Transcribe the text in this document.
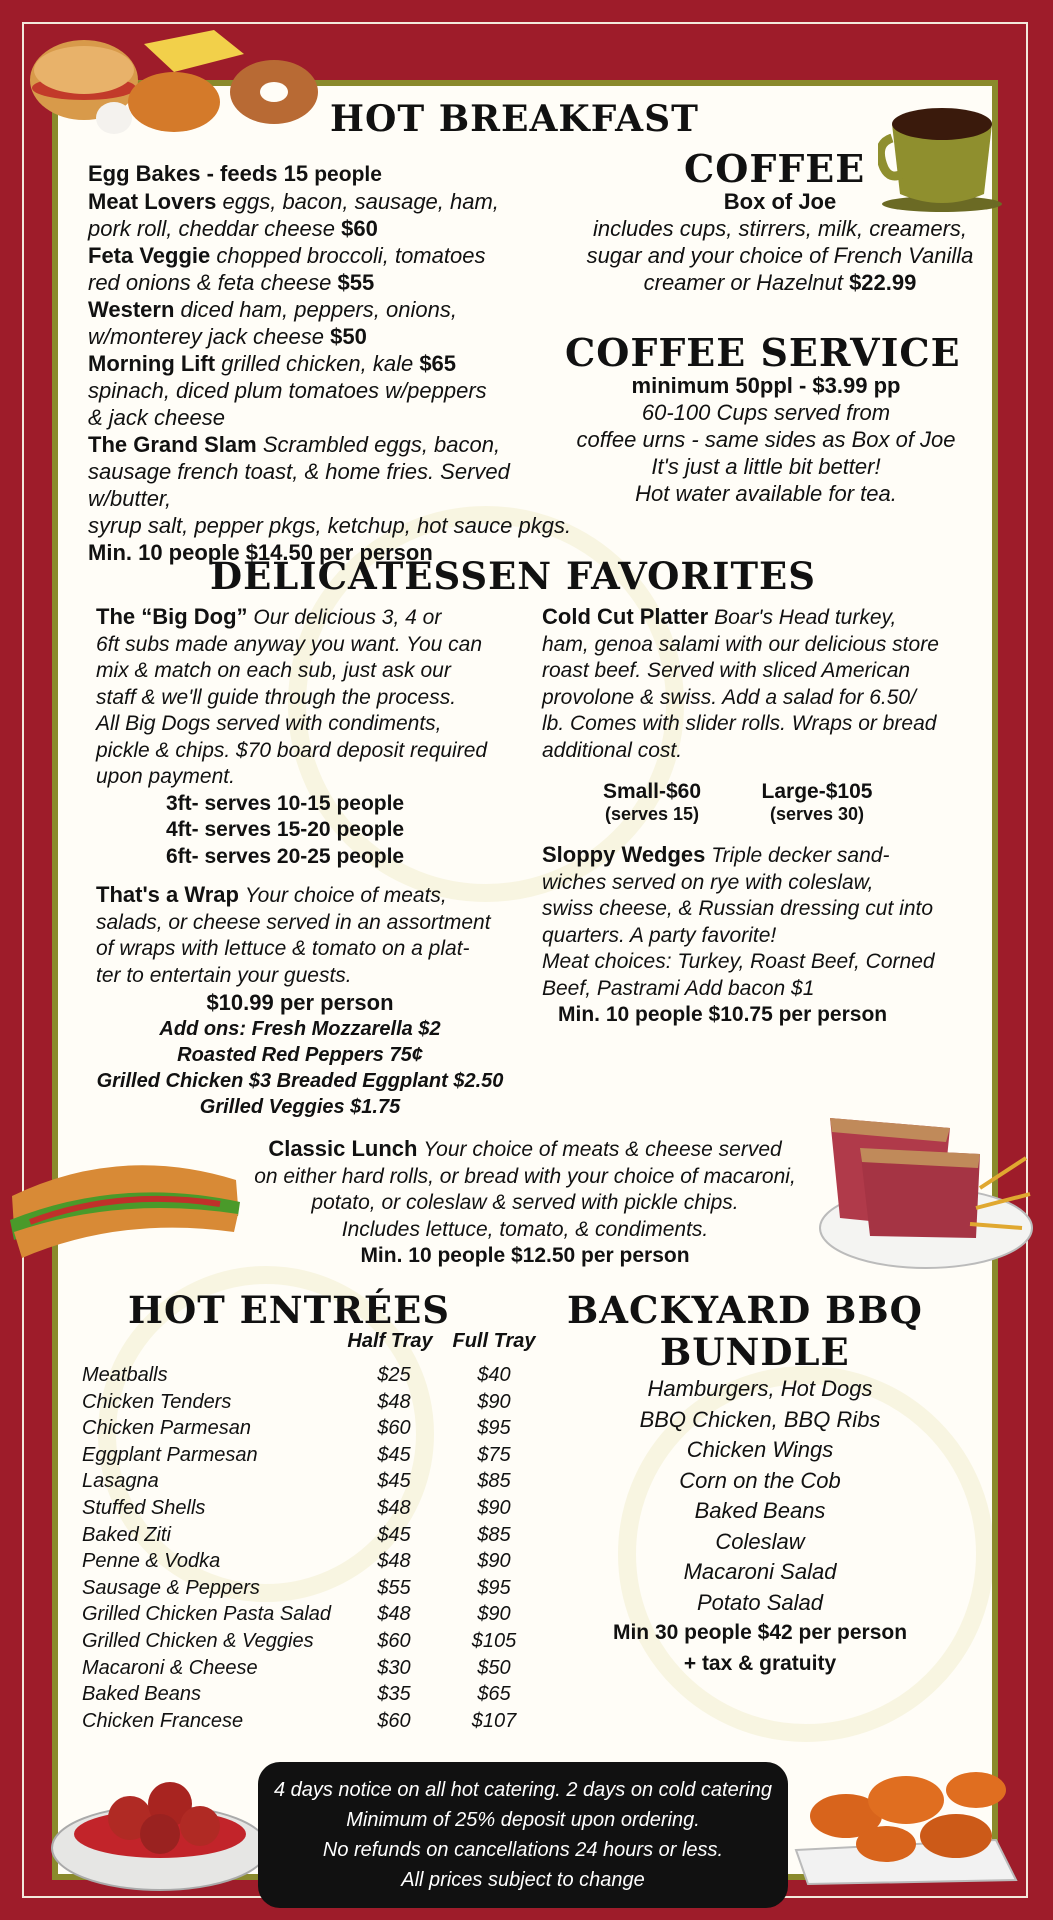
HOT BREAKFAST

Egg Bakes - feeds 15 people

Meat Lovers eggs, bacon, sausage, ham,

pork roll, cheddar cheese $60

Feta Veggie chopped broccoli, tomatoes

red onions & feta cheese $55

Western diced ham, peppers, onions,

w/monterey jack cheese $50

Morning Lift grilled chicken, kale $65

spinach, diced plum tomatoes w/peppers

& jack cheese

The Grand Slam Scrambled eggs, bacon,

sausage french toast, & home fries. Served w/butter,

syrup salt, pepper pkgs, ketchup, hot sauce pkgs.

Min. 10 people $14.50 per person

COFFEE

Box of Joe

includes cups, stirrers, milk, creamers,

sugar and your choice of French Vanilla

creamer or Hazelnut $22.99

COFFEE SERVICE

minimum 50ppl - $3.99 pp

60-100 Cups served from

coffee urns - same sides as Box of Joe

It's just a little bit better!

Hot water available for tea.

DELICATESSEN FAVORITES

The “Big Dog” Our delicious 3, 4 or

6ft subs made anyway you want. You can

mix & match on each sub, just ask our

staff & we'll guide through the process.

All Big Dogs served with condiments,

pickle & chips. $70 board deposit required

upon payment.

3ft- serves 10-15 people

4ft- serves 15-20 people

6ft- serves 20-25 people

That's a Wrap Your choice of meats,

salads, or cheese served in an assortment

of wraps with lettuce & tomato on a plat-

ter to entertain your guests.

$10.99 per person

Add ons: Fresh Mozzarella $2

Roasted Red Peppers 75¢

Grilled Chicken $3 Breaded Eggplant $2.50

Grilled Veggies $1.75

Cold Cut Platter Boar's Head turkey,

ham, genoa salami with our delicious store

roast beef. Served with sliced American

provolone & swiss. Add a salad for 6.50/

lb. Comes with slider rolls. Wraps or bread

additional cost.

Small-$60

(serves 15)

Large-$105

(serves 30)

Sloppy Wedges Triple decker sand-

wiches served on rye with coleslaw,

swiss cheese, & Russian dressing cut into

quarters. A party favorite!

Meat choices: Turkey, Roast Beef, Corned

Beef, Pastrami Add bacon $1

Min. 10 people $10.75 per person

Classic Lunch Your choice of meats & cheese served

on either hard rolls, or bread with your choice of macaroni,

potato, or coleslaw & served with pickle chips.

Includes lettuce, tomato, & condiments.

Min. 10 people $12.50 per person

HOT ENTRÉES
Half Tray Full Tray
Meatballs	$25	$40
Chicken Tenders	$48	$90
Chicken Parmesan	$60	$95
Eggplant Parmesan	$45	$75
Lasagna	$45	$85
Stuffed Shells	$48	$90
Baked Ziti	$45	$85
Penne & Vodka	$48	$90
Sausage & Peppers	$55	$95
Grilled Chicken Pasta Salad	$48	$90
Grilled Chicken & Veggies	$60	$105
Macaroni & Cheese	$30	$50
Baked Beans	$35	$65
Chicken Francese	$60	$107
BACKYARD BBQ
BUNDLE

Hamburgers, Hot Dogs

BBQ Chicken, BBQ Ribs

Chicken Wings

Corn on the Cob

Baked Beans

Coleslaw

Macaroni Salad

Potato Salad

Min 30 people $42 per person

+ tax & gratuity

4 days notice on all hot catering. 2 days on cold catering

Minimum of 25% deposit upon ordering.

No refunds on cancellations 24 hours or less.

All prices subject to change
